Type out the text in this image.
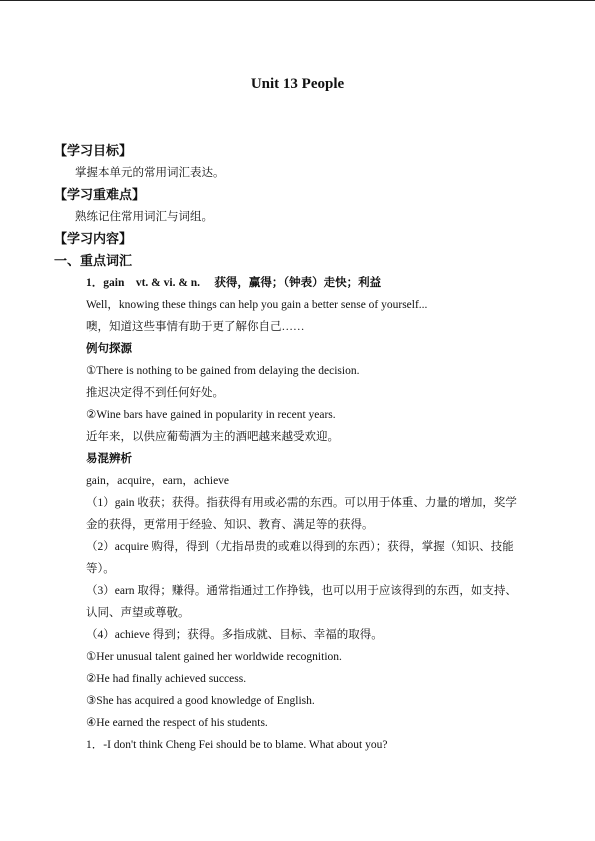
Unit 13 People
【学习目标】
掌握本单元的常用词汇表达。
【学习重难点】
熟练记住常用词汇与词组。
【学习内容】
一、重点词汇
1．gain　vt. & vi. & n.　 获得，赢得；（钟表）走快；利益
Well，knowing these things can help you gain a better sense of yourself...
噢，知道这些事情有助于更了解你自己……
例句探源
①There is nothing to be gained from delaying the decision.
推迟决定得不到任何好处。
②Wine bars have gained in popularity in recent years.
近年来，以供应葡萄酒为主的酒吧越来越受欢迎。
易混辨析
gain，acquire，earn，achieve
（1）gain 收获；获得。指获得有用或必需的东西。可以用于体重、力量的增加，奖学
金的获得，更常用于经验、知识、教育、满足等的获得。
（2）acquire 购得，得到（尤指昂贵的或难以得到的东西）；获得，掌握（知识、技能
等）。
（3）earn 取得；赚得。通常指通过工作挣钱，也可以用于应该得到的东西，如支持、
认同、声望或尊敬。
（4）achieve 得到；获得。多指成就、目标、幸福的取得。
①Her unusual talent gained her worldwide recognition.
②He had finally achieved success.
③She has acquired a good knowledge of English.
④He earned the respect of his students.
1．-I don't think Cheng Fei should be to blame. What about you?
